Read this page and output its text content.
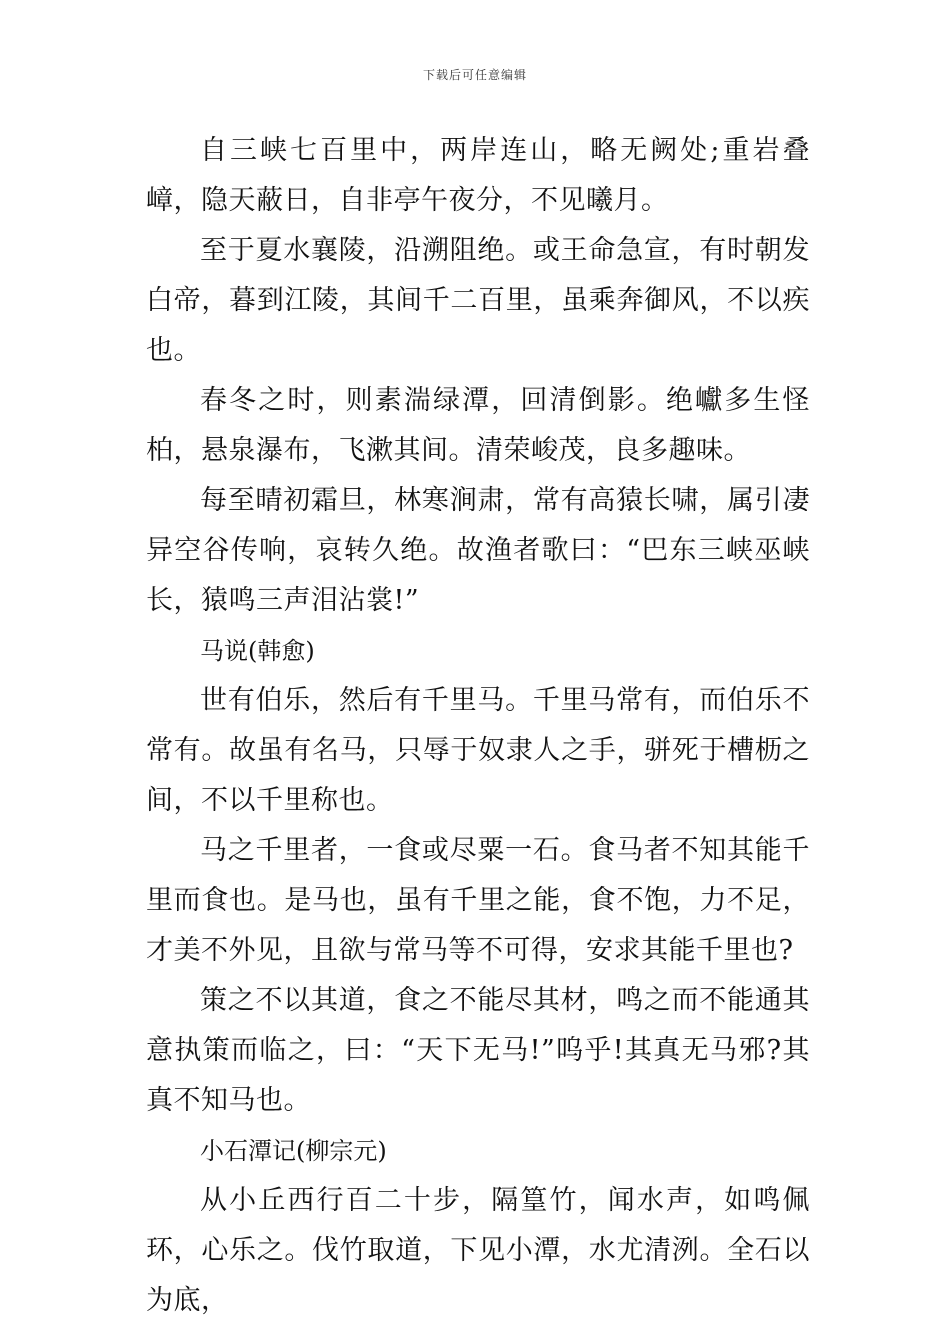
下载后可任意编辑

自三峡七百里中，两岸连山，略无阙处;重岩叠嶂，隐天蔽日，自非亭午夜分，不见曦月。

至于夏水襄陵，沿溯阻绝。或王命急宣，有时朝发白帝，暮到江陵，其间千二百里，虽乘奔御风，不以疾也。

春冬之时，则素湍绿潭，回清倒影。绝巘多生怪柏，悬泉瀑布，飞漱其间。清荣峻茂，良多趣味。

每至晴初霜旦，林寒涧肃，常有高猿长啸，属引凄异空谷传响，哀转久绝。故渔者歌曰：“巴东三峡巫峡长，猿鸣三声泪沾裳!”

马说(韩愈)

世有伯乐，然后有千里马。千里马常有，而伯乐不常有。故虽有名马，只辱于奴隶人之手，骈死于槽枥之间，不以千里称也。

马之千里者，一食或尽粟一石。食马者不知其能千里而食也。是马也，虽有千里之能，食不饱，力不足，才美不外见，且欲与常马等不可得，安求其能千里也?

策之不以其道，食之不能尽其材，鸣之而不能通其意执策而临之，曰：“天下无马!”呜乎!其真无马邪?其真不知马也。

小石潭记(柳宗元)

从小丘西行百二十步，隔篁竹，闻水声，如鸣佩环，心乐之。伐竹取道，下见小潭，水尤清洌。全石以为底，
